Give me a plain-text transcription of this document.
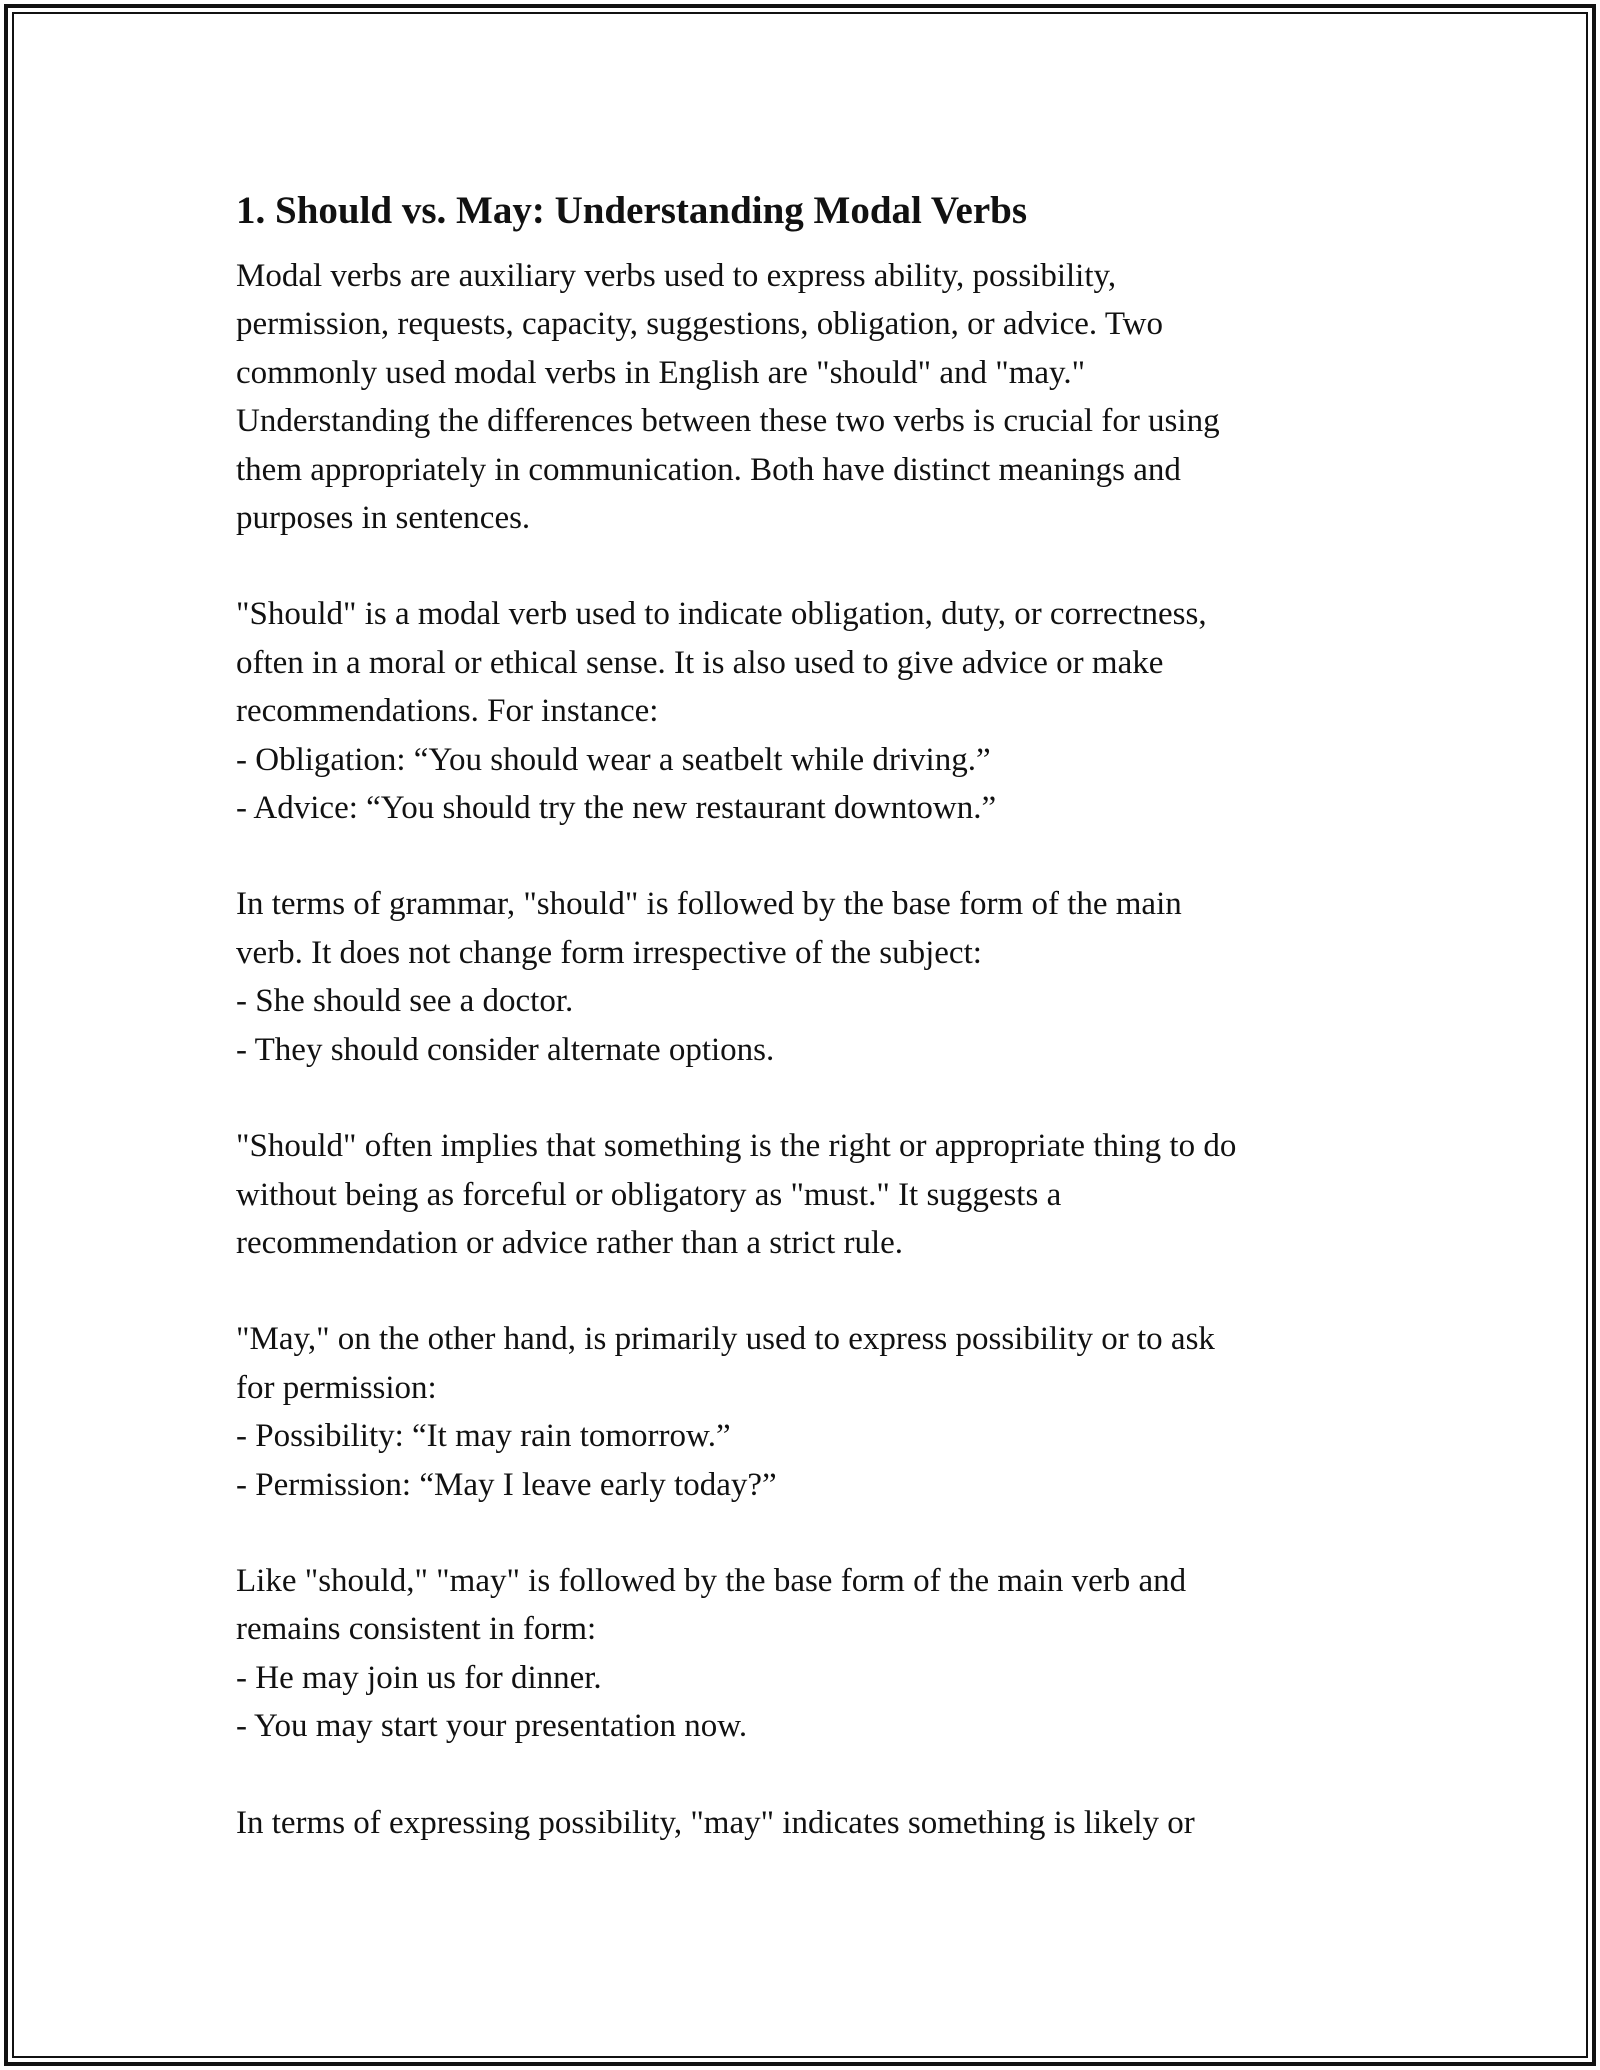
1. Should vs. May: Understanding Modal Verbs

Modal verbs are auxiliary verbs used to express ability, possibility,
permission, requests, capacity, suggestions, obligation, or advice. Two
commonly used modal verbs in English are "should" and "may."
Understanding the differences between these two verbs is crucial for using
them appropriately in communication. Both have distinct meanings and
purposes in sentences.

"Should" is a modal verb used to indicate obligation, duty, or correctness,
often in a moral or ethical sense. It is also used to give advice or make
recommendations. For instance:
- Obligation: “You should wear a seatbelt while driving.”
- Advice: “You should try the new restaurant downtown.”

In terms of grammar, "should" is followed by the base form of the main
verb. It does not change form irrespective of the subject:
- She should see a doctor.
- They should consider alternate options.

"Should" often implies that something is the right or appropriate thing to do
without being as forceful or obligatory as "must." It suggests a
recommendation or advice rather than a strict rule.

"May," on the other hand, is primarily used to express possibility or to ask
for permission:
- Possibility: “It may rain tomorrow.”
- Permission: “May I leave early today?”

Like "should," "may" is followed by the base form of the main verb and
remains consistent in form:
- He may join us for dinner.
- You may start your presentation now.

In terms of expressing possibility, "may" indicates something is likely or
